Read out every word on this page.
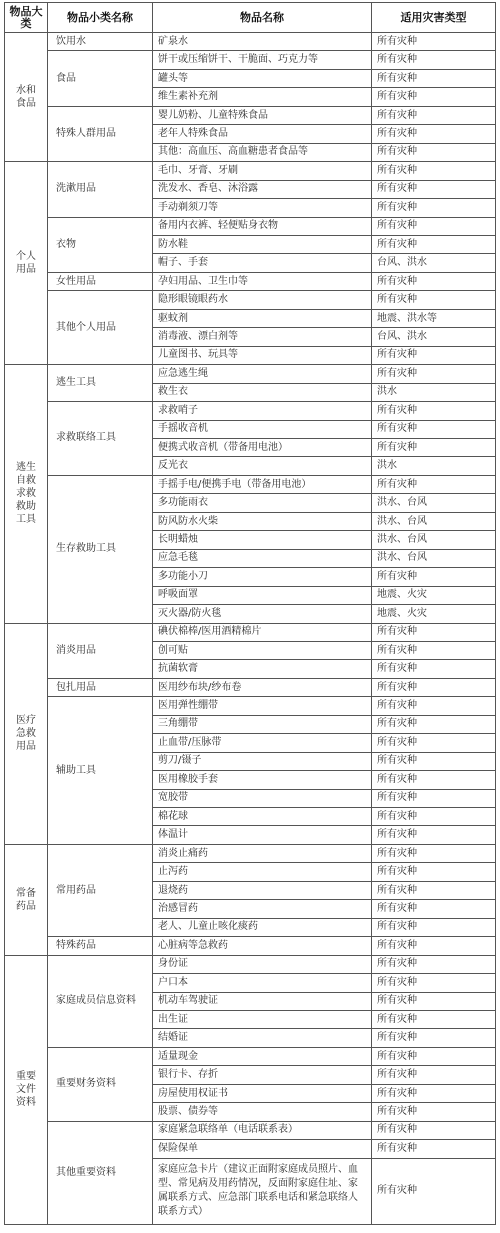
物品大类	物品小类名称	物品名称	适用灾害类型
水和食品	饮用水	矿泉水	所有灾种
	食品	饼干或压缩饼干、干脆面、巧克力等	所有灾种
		罐头等	所有灾种
		维生素补充剂	所有灾种
	特殊人群用品	婴儿奶粉、儿童特殊食品	所有灾种
		老年人特殊食品	所有灾种
		其他：高血压、高血糖患者食品等	所有灾种
个人用品	洗漱用品	毛巾、牙膏、牙刷	所有灾种
		洗发水、香皂、沐浴露	所有灾种
		手动剃须刀等	所有灾种
	衣物	备用内衣裤、轻便贴身衣物	所有灾种
		防水鞋	所有灾种
		帽子、手套	台风、洪水
	女性用品	孕妇用品、卫生巾等	所有灾种
	其他个人用品	隐形眼镜眼药水	所有灾种
		驱蚊剂	地震、洪水等
		消毒液、漂白剂等	台风、洪水
		儿童图书、玩具等	所有灾种
逃生自救求救救助工具	逃生工具	应急逃生绳	所有灾种
		救生衣	洪水
	求救联络工具	求救哨子	所有灾种
		手摇收音机	所有灾种
		便携式收音机（带备用电池）	所有灾种
		反光衣	洪水
	生存救助工具	手摇手电/便携手电（带备用电池）	所有灾种
		多功能雨衣	洪水、台风
		防风防水火柴	洪水、台风
		长明蜡烛	洪水、台风
		应急毛毯	洪水、台风
		多功能小刀	所有灾种
		呼吸面罩	地震、火灾
		灭火器/防火毯	地震、火灾
医疗急救用品	消炎用品	碘伏棉棒/医用酒精棉片	所有灾种
		创可贴	所有灾种
		抗菌软膏	所有灾种
	包扎用品	医用纱布块/纱布卷	所有灾种
	辅助工具	医用弹性绷带	所有灾种
		三角绷带	所有灾种
		止血带/压脉带	所有灾种
		剪刀/镊子	所有灾种
		医用橡胶手套	所有灾种
		宽胶带	所有灾种
		棉花球	所有灾种
		体温计	所有灾种
常备药品	常用药品	消炎止痛药	所有灾种
		止泻药	所有灾种
		退烧药	所有灾种
		治感冒药	所有灾种
		老人、儿童止咳化痰药	所有灾种
	特殊药品	心脏病等急救药	所有灾种
重要文件资料	家庭成员信息资料	身份证	所有灾种
		户口本	所有灾种
		机动车驾驶证	所有灾种
		出生证	所有灾种
		结婚证	所有灾种
	重要财务资料	适量现金	所有灾种
		银行卡、存折	所有灾种
		房屋使用权证书	所有灾种
		股票、债券等	所有灾种
	其他重要资料	家庭紧急联络单（电话联系表）	所有灾种
		保险保单	所有灾种
		家庭应急卡片（建议正面附家庭成员照片、血型、常见病及用药情况，反面附家庭住址、家属联系方式、应急部门联系电话和紧急联络人联系方式）	所有灾种
